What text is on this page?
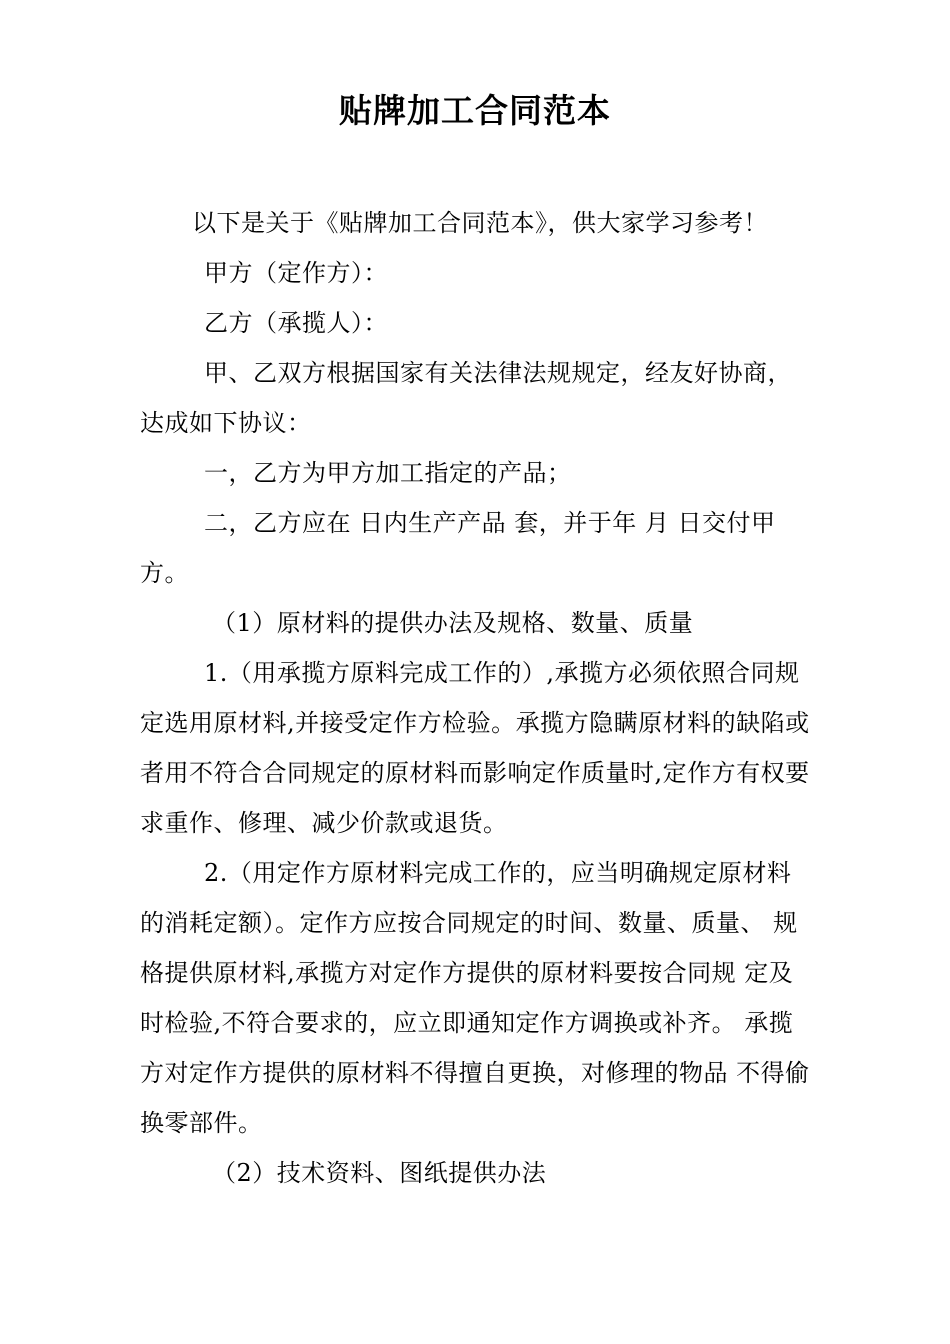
贴牌加工合同范本

以下是关于《贴牌加工合同范本》，供大家学习参考！

甲方（定作方）：

乙方（承揽人）：

甲、乙双方根据国家有关法律法规规定，经友好协商，达成如下协议：

一，乙方为甲方加工指定的产品；

二，乙方应在 日内生产产品 套，并于年 月 日交付甲方。

（1）原材料的提供办法及规格、数量、质量

1.（用承揽方原料完成工作的）,承揽方必须依照合同规定选用原材料,并接受定作方检验。承揽方隐瞒原材料的缺陷或者用不符合合同规定的原材料而影响定作质量时,定作方有权要求重作、修理、减少价款或退货。

2.（用定作方原材料完成工作的，应当明确规定原材料 的消耗定额）。定作方应按合同规定的时间、数量、质量、 规格提供原材料,承揽方对定作方提供的原材料要按合同规 定及时检验,不符合要求的，应立即通知定作方调换或补齐。 承揽方对定作方提供的原材料不得擅自更换，对修理的物品 不得偷换零部件。

（2）技术资料、图纸提供办法
